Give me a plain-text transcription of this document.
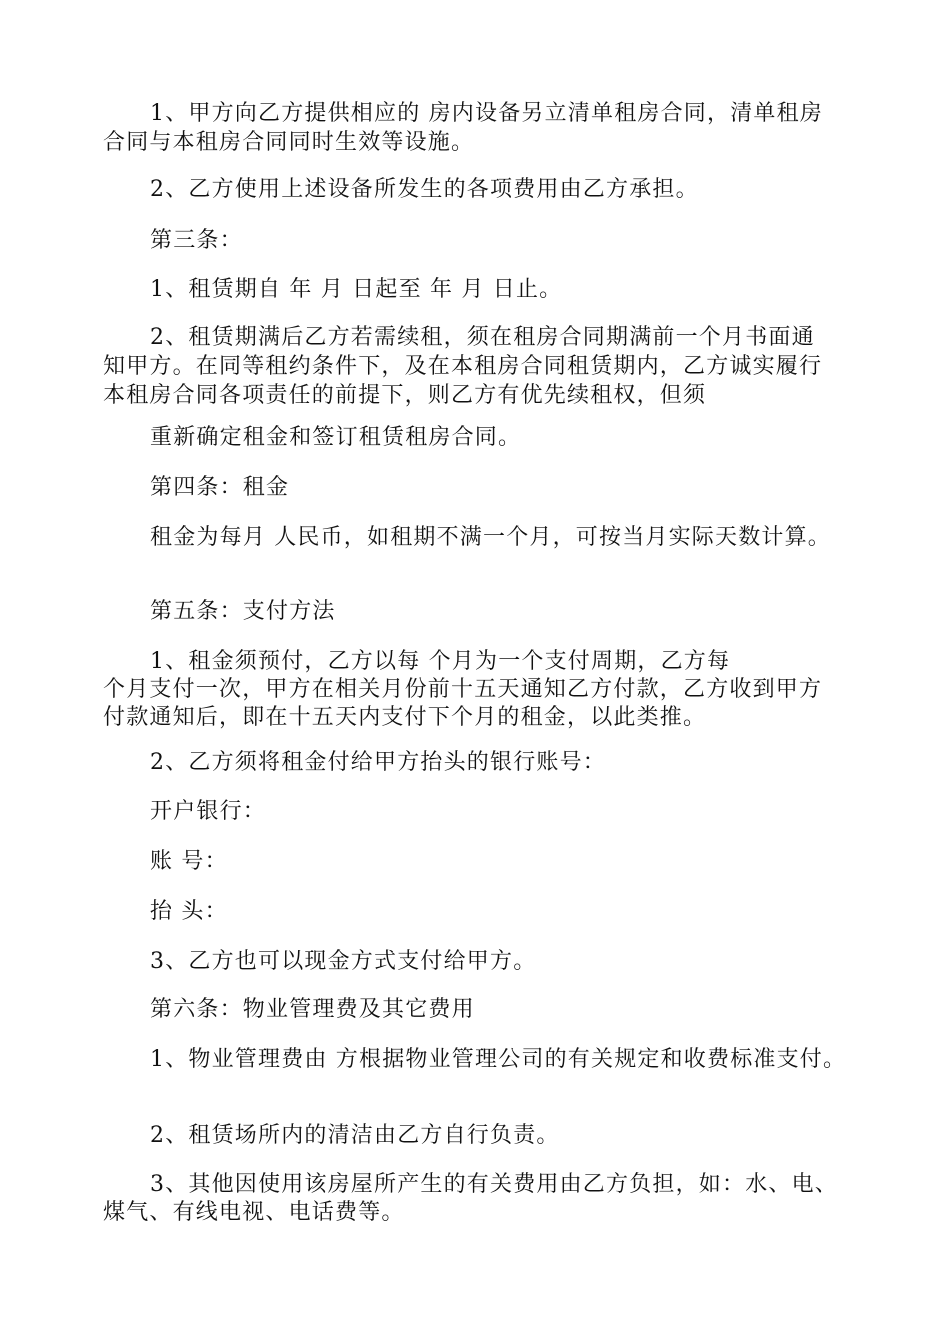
1、甲方向乙方提供相应的 房内设备另立清单租房合同，清单租房
合同与本租房合同同时生效等设施。
2、乙方使用上述设备所发生的各项费用由乙方承担。
第三条：
1、租赁期自 年 月 日起至 年 月 日止。
2、租赁期满后乙方若需续租，须在租房合同期满前一个月书面通
知甲方。在同等租约条件下，及在本租房合同租赁期内，乙方诚实履行
本租房合同各项责任的前提下，则乙方有优先续租权，但须
重新确定租金和签订租赁租房合同。
第四条：租金
租金为每月 人民币，如租期不满一个月，可按当月实际天数计算。
第五条：支付方法
1、租金须预付，乙方以每 个月为一个支付周期，乙方每
个月支付一次，甲方在相关月份前十五天通知乙方付款，乙方收到甲方
付款通知后，即在十五天内支付下个月的租金，以此类推。
2、乙方须将租金付给甲方抬头的银行账号：
开户银行：
账 号：
抬 头：
3、乙方也可以现金方式支付给甲方。
第六条：物业管理费及其它费用
1、物业管理费由 方根据物业管理公司的有关规定和收费标准支付。
2、租赁场所内的清洁由乙方自行负责。
3、其他因使用该房屋所产生的有关费用由乙方负担，如：水、电、
煤气、有线电视、电话费等。
